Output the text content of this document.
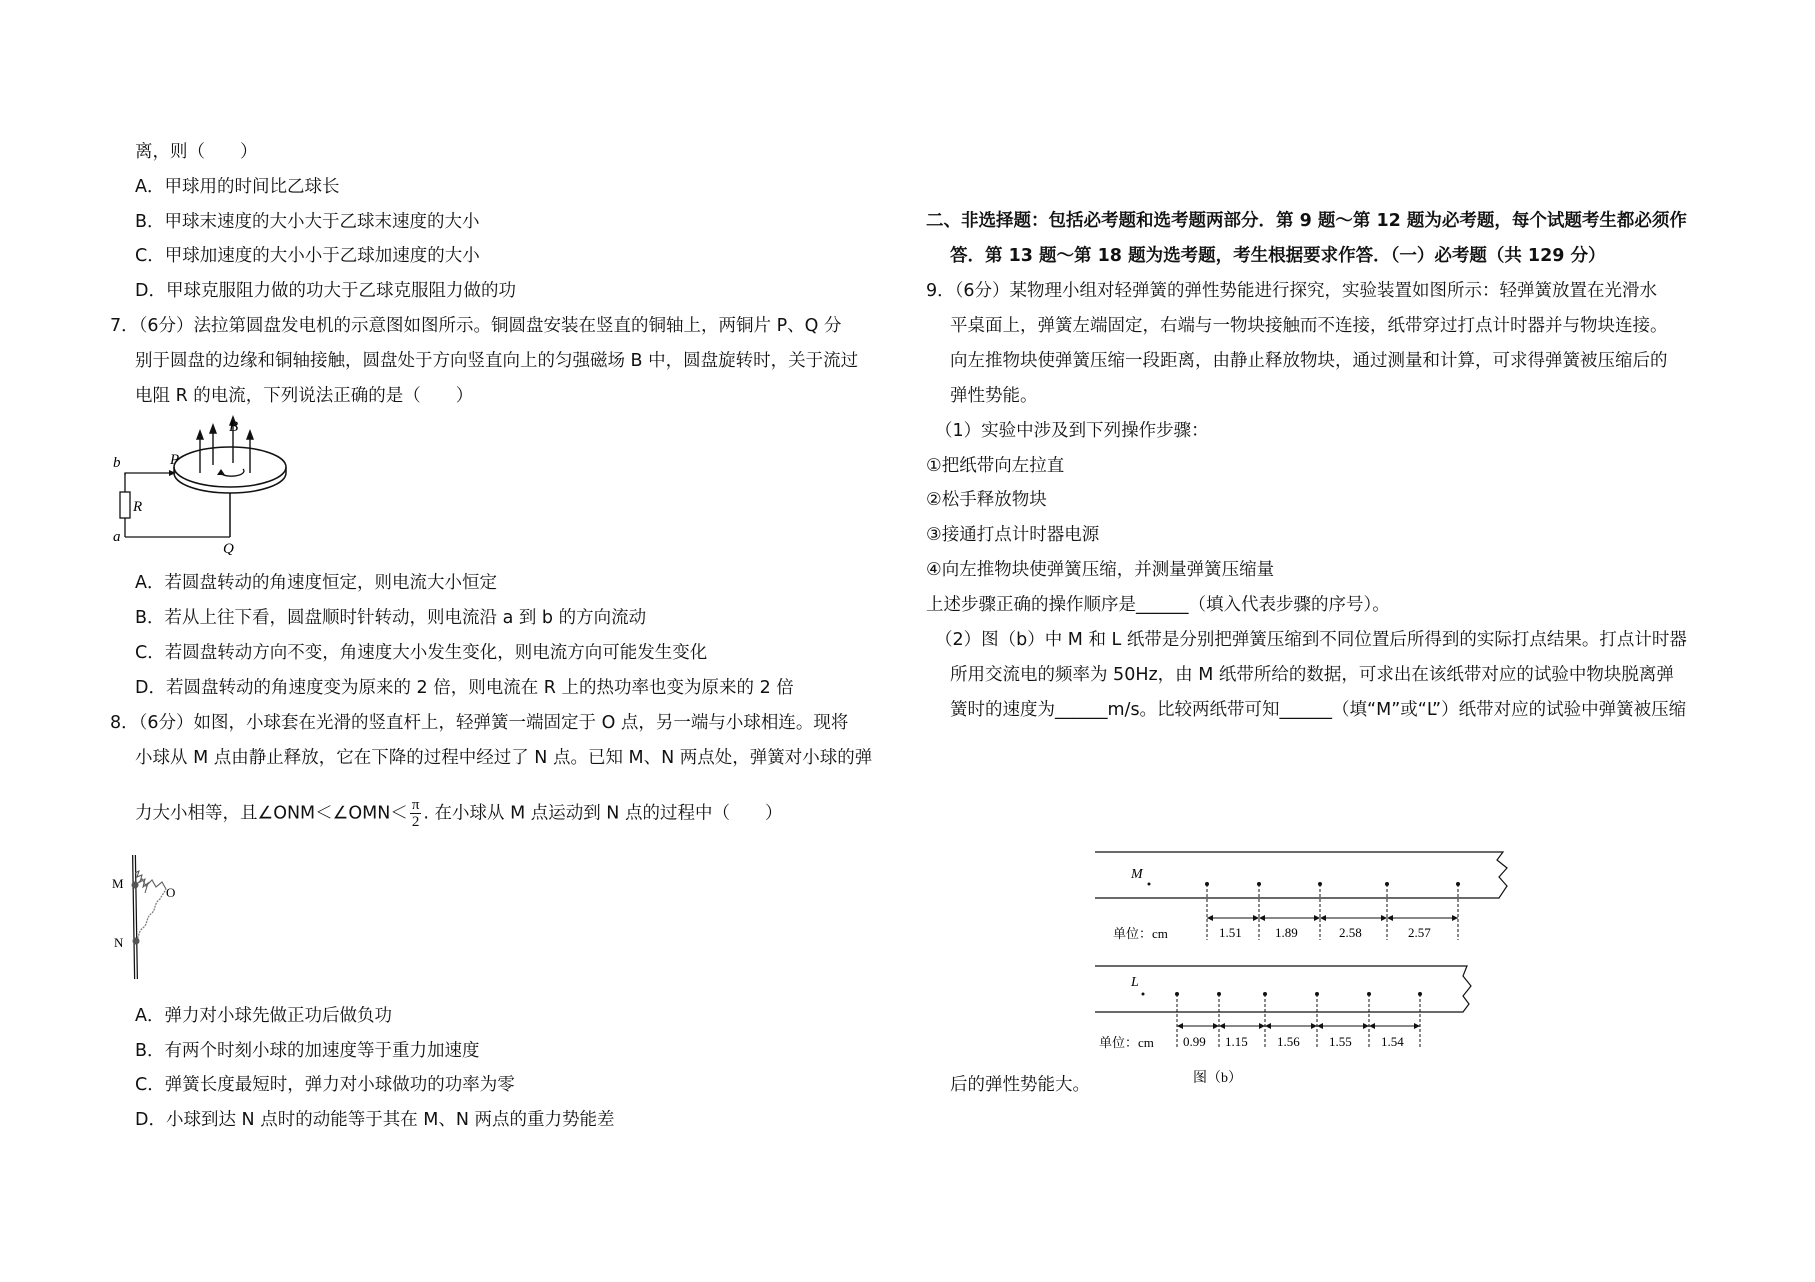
离，则（　　）
A．甲球用的时间比乙球长
B．甲球末速度的大小大于乙球末速度的大小
C．甲球加速度的大小小于乙球加速度的大小
D．甲球克服阻力做的功大于乙球克服阻力做的功
7．（6分）法拉第圆盘发电机的示意图如图所示。铜圆盘安装在竖直的铜轴上，两铜片 P、Q 分
别于圆盘的边缘和铜轴接触，圆盘处于方向竖直向上的匀强磁场 B 中，圆盘旋转时，关于流过
电阻 R 的电流，下列说法正确的是（　　）
b
R
a
P
B
Q
A．若圆盘转动的角速度恒定，则电流大小恒定
B．若从上往下看，圆盘顺时针转动，则电流沿 a 到 b 的方向流动
C．若圆盘转动方向不变，角速度大小发生变化，则电流方向可能发生变化
D．若圆盘转动的角速度变为原来的 2 倍，则电流在 R 上的热功率也变为原来的 2 倍
8．（6分）如图，小球套在光滑的竖直杆上，轻弹簧一端固定于 O 点，另一端与小球相连。现将
小球从 M 点由静止释放，它在下降的过程中经过了 N 点。已知 M、N 两点处，弹簧对小球的弹
力大小相等，且∠ONM＜∠OMN＜ $\frac{\pi}{2}$ . 在小球从 M 点运动到 N 点的过程中（　　）
M
O
N
A．弹力对小球先做正功后做负功
B．有两个时刻小球的加速度等于重力加速度
C．弹簧长度最短时，弹力对小球做功的功率为零
D．小球到达 N 点时的动能等于其在 M、N 两点的重力势能差
二、非选择题：包括必考题和选考题两部分．第 9 题～第 12 题为必考题，每个试题考生都必须作
答．第 13 题～第 18 题为选考题，考生根据要求作答．（一）必考题（共 129 分）
9．（6分）某物理小组对轻弹簧的弹性势能进行探究，实验装置如图所示：轻弹簧放置在光滑水
平桌面上，弹簧左端固定，右端与一物块接触而不连接，纸带穿过打点计时器并与物块连接。
向左推物块使弹簧压缩一段距离，由静止释放物块，通过测量和计算，可求得弹簧被压缩后的
弹性势能。
（1）实验中涉及到下列操作步骤：
①把纸带向左拉直
②松手释放物块
③接通打点计时器电源
④向左推物块使弹簧压缩，并测量弹簧压缩量
上述步骤正确的操作顺序是______（填入代表步骤的序号）。
（2）图（b）中 M 和 L 纸带是分别把弹簧压缩到不同位置后所得到的实际打点结果。打点计时器
所用交流电的频率为 50Hz，由 M 纸带所给的数据，可求出在该纸带对应的试验中物块脱离弹
簧时的速度为______m/s。比较两纸带可知______（填“M”或“L”）纸带对应的试验中弹簧被压缩
M
单位：cm	1.51	1.89	2.58	2.57
L
单位：cm 0.99 1.15 1.56 1.55 1.54
图（b）
后的弹性势能大。
